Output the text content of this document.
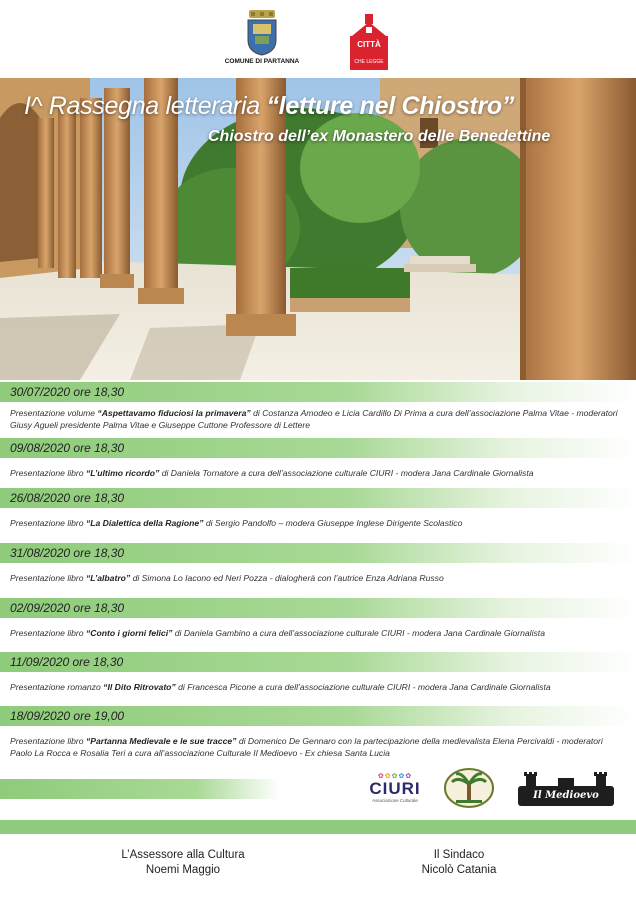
COMUNE DI PARTANNA
CITTÀ
CHE LEGGE
I^ Rassegna letteraria “letture nel Chiostro”
Chiostro dell’ex Monastero delle Benedettine
30/07/2020 ore 18,30
Presentazione volume “Aspettavamo fiduciosi la primavera” di Costanza Amodeo e Licia Cardillo Di Prima a cura dell’associazione Palma Vitae - moderatori Giusy Agueli presidente Palma Vitae e Giuseppe Cuttone Professore di Lettere
09/08/2020 ore 18,30
Presentazione libro “L’ultimo ricordo” di Daniela Tornatore a cura dell’associazione culturale CIURI - modera Jana Cardinale Giornalista
26/08/2020 ore 18,30
Presentazione libro “La Dialettica della Ragione” di Sergio Pandolfo – modera Giuseppe Inglese Dirigente Scolastico
31/08/2020 ore 18,30
Presentazione libro “L’albatro” di Simona Lo Iacono ed Neri Pozza - dialogherà con l’autrice Enza Adriana Russo
02/09/2020 ore 18,30
Presentazione libro “Conto i giorni felici” di Daniela Gambino a cura dell’associazione culturale CIURI - modera Jana Cardinale Giornalista
11/09/2020 ore 18,30
Presentazione romanzo “Il Dito Ritrovato” di Francesca Picone a cura dell’associazione culturale CIURI - modera Jana Cardinale Giornalista
18/09/2020 ore 19,00
Presentazione libro “Partanna Medievale e le sue tracce” di Domenico De Gennaro con la partecipazione della medievalista Elena Percivaldi - moderatori Paolo La Rocca e Rosalia Teri a cura all’associazione Culturale Il Medioevo - Ex chiesa Santa Lucia
✿✿✿✿✿
CIURI
Associazione Culturale	Il Medioevo
L’Assessore alla Cultura
Noemi Maggio
Il Sindaco
Nicolò Catania
